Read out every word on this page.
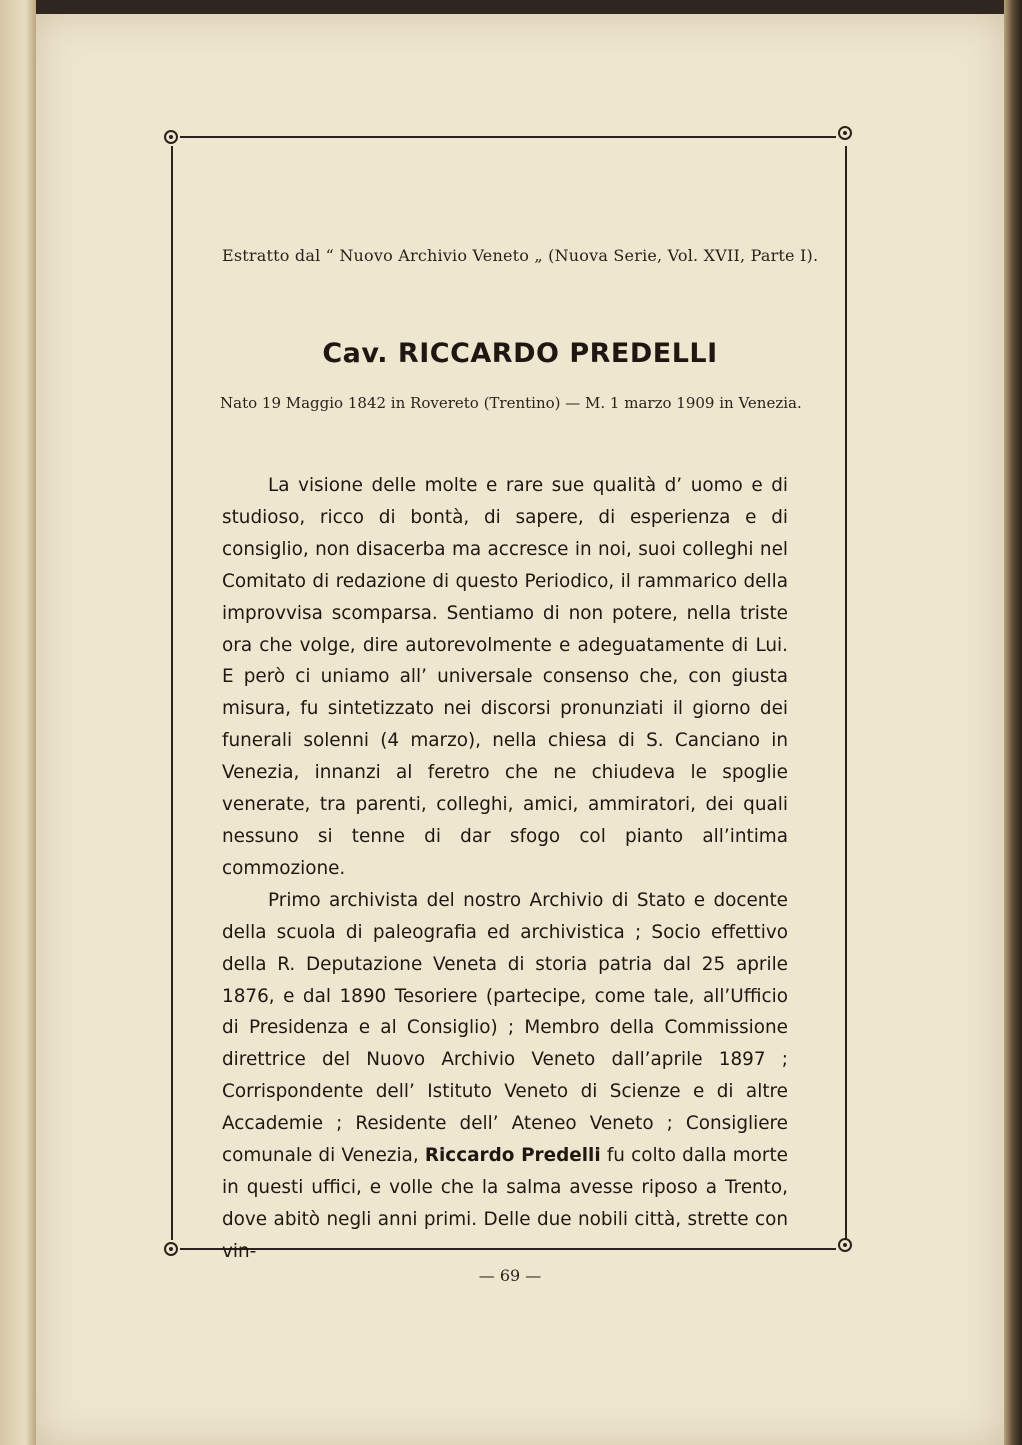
Estratto dal “ Nuovo Archivio Veneto „ (Nuova Serie, Vol. XVII, Parte I).
Cav. RICCARDO PREDELLI
Nato 19 Maggio 1842 in Rovereto (Trentino) — M. 1 marzo 1909 in Venezia.

La visione delle molte e rare sue qualità d’ uomo e di studioso, ricco di bontà, di sapere, di esperienza e di consiglio, non disacerba ma accresce in noi, suoi colleghi nel Comitato di redazione di questo Periodico, il rammarico della improvvisa scomparsa. Sentiamo di non potere, nella triste ora che volge, dire autorevolmente e adeguatamente di Lui. E però ci uniamo all’ universale consenso che, con giusta misura, fu sintetizzato nei discorsi pronunziati il giorno dei funerali solenni (4 marzo), nella chiesa di S. Canciano in Venezia, innanzi al feretro che ne chiudeva le spoglie venerate, tra parenti, colleghi, amici, ammiratori, dei quali nessuno si tenne di dar sfogo col pianto all’intima commozione.

Primo archivista del nostro Archivio di Stato e docente della scuola di paleografia ed archivistica ; Socio effettivo della R. Deputazione Veneta di storia patria dal 25 aprile 1876, e dal 1890 Tesoriere (partecipe, come tale, all’Ufficio di Presidenza e al Consiglio) ; Membro della Commissione direttrice del Nuovo Archivio Veneto dall’aprile 1897 ; Corrispondente dell’ Istituto Veneto di Scienze e di altre Accademie ; Residente dell’ Ateneo Veneto ; Consigliere comunale di Venezia, Riccardo Predelli fu colto dalla morte in questi uffici, e volle che la salma avesse riposo a Trento, dove abitò negli anni primi. Delle due nobili città, strette con vin-

— 69 —
